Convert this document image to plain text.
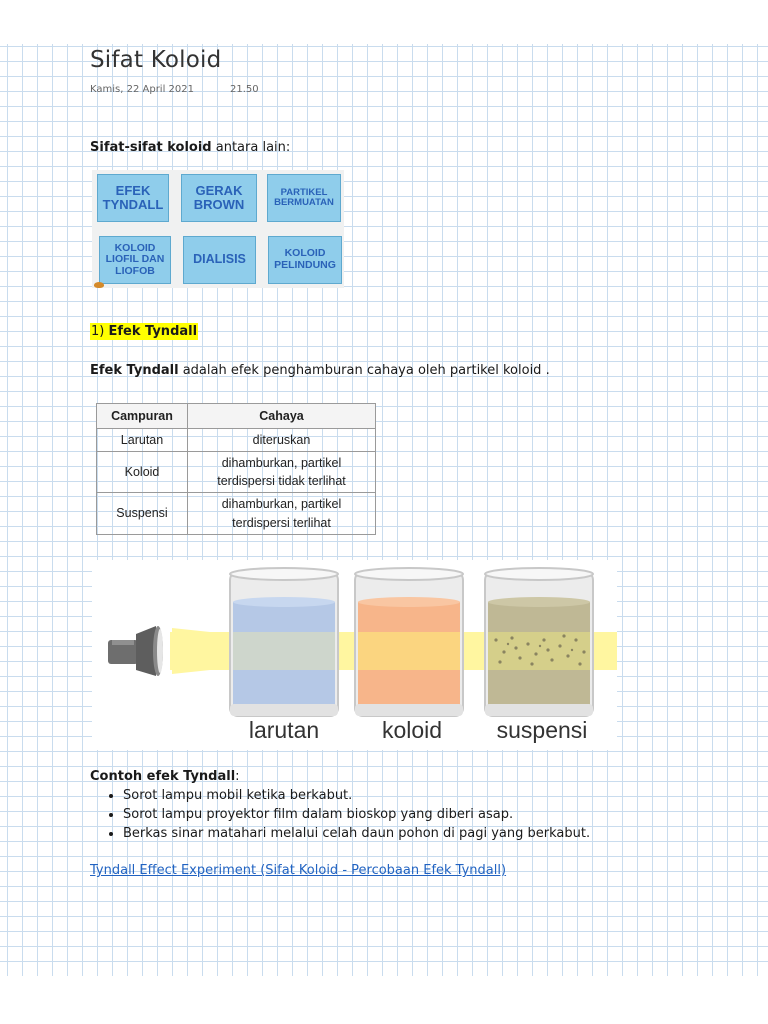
Sifat Koloid
Kamis, 22 April 2021	21.50
Sifat-sifat koloid antara lain:
EFEK
TYNDALL
GERAK
BROWN
PARTIKEL
BERMUATAN
KOLOID
LIOFIL DAN
LIOFOB
DIALISIS	KOLOID
PELINDUNG
1) Efek Tyndall
Efek Tyndall adalah efek penghamburan cahaya oleh partikel koloid .
Campuran	Cahaya
Larutan	diteruskan
Koloid	dihamburkan, partikel
terdispersi tidak terlihat

Suspensi	dihamburkan, partikel
terdispersi terlihat
larutan	koloid suspensi
Contoh efek Tyndall:
• Sorot lampu mobil ketika berkabut.
• Sorot lampu proyektor film dalam bioskop yang diberi asap.
• Berkas sinar matahari melalui celah daun pohon di pagi yang berkabut.
Tyndall Effect Experiment (Sifat Koloid - Percobaan Efek Tyndall)
